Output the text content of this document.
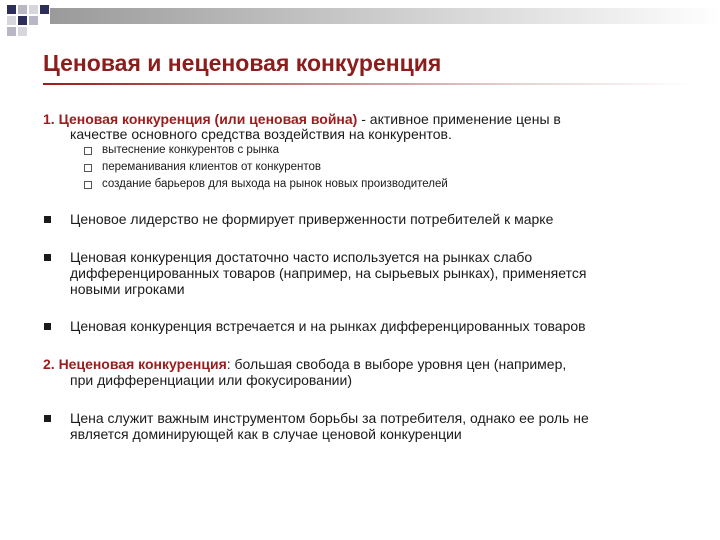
Ценовая и неценовая конкуренция
1. Ценовая конкуренция (или ценовая война) - активное применение цены в
качестве основного средства воздействия на конкурентов.
вытеснение конкурентов с рынка
переманивания клиентов от конкурентов
создание барьеров для выхода на рынок новых производителей
Ценовое лидерство не формирует приверженности потребителей к марке
Ценовая конкуренция достаточно часто используется на рынках слабо
дифференцированных товаров (например, на сырьевых рынках), применяется
новыми игроками
Ценовая конкуренция встречается и на рынках дифференцированных товаров
2. Неценовая конкуренция: большая свобода в выборе уровня цен (например,
при дифференциации или фокусировании)
Цена служит важным инструментом борьбы за потребителя, однако ее роль не
является доминирующей как в случае ценовой конкуренции
